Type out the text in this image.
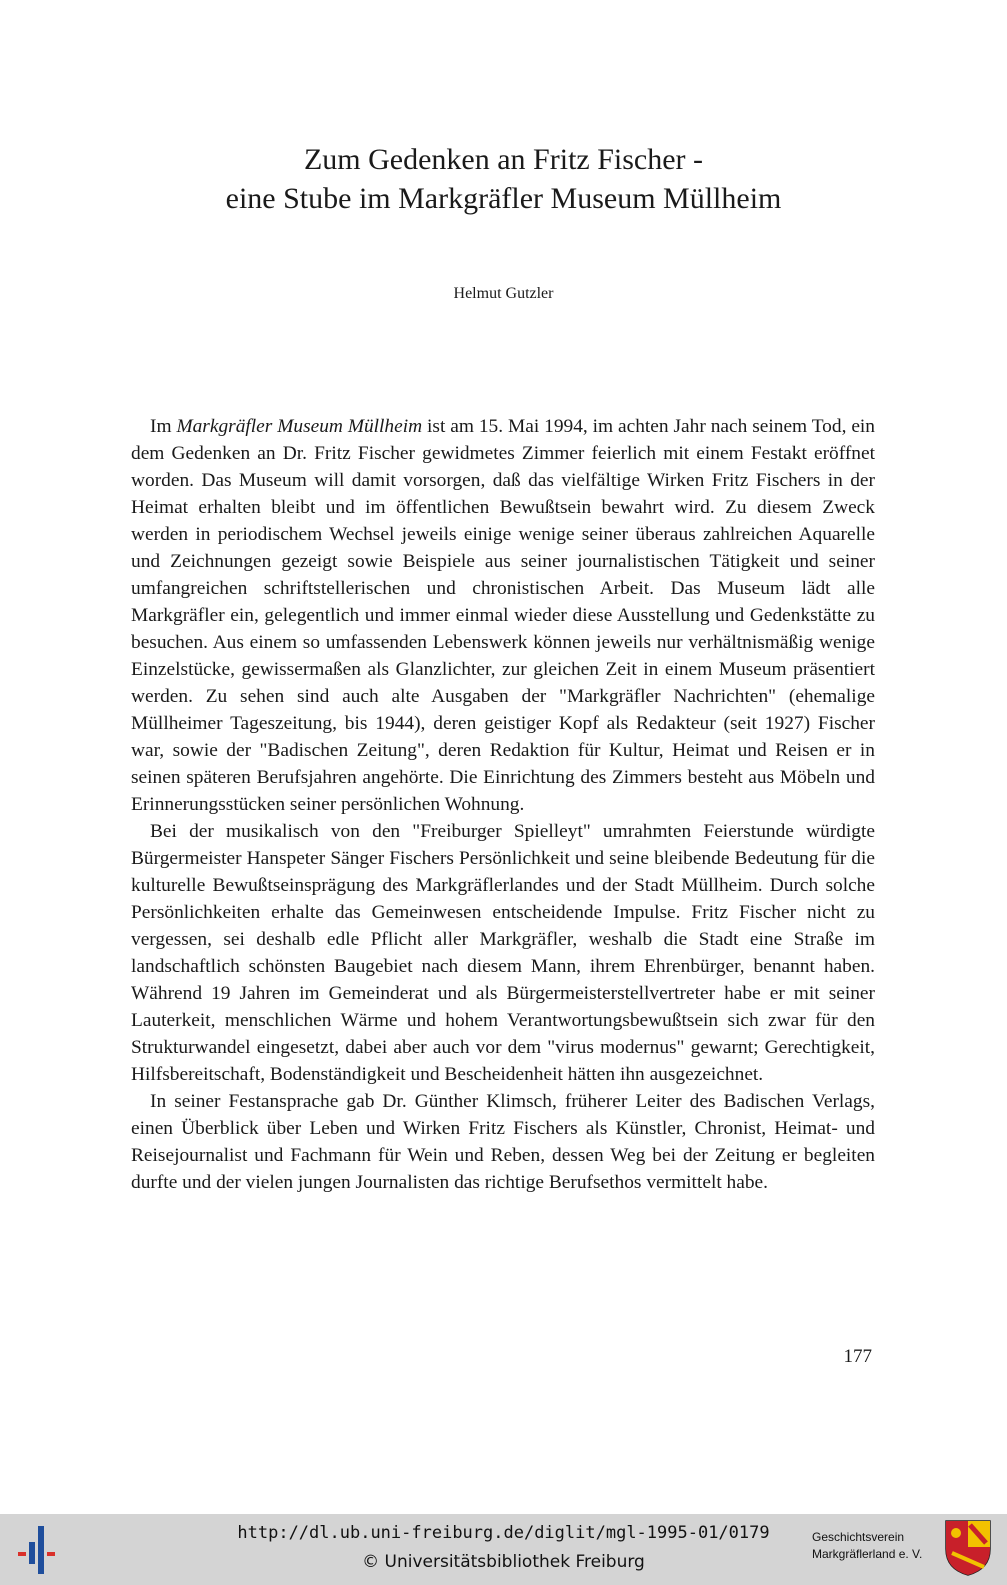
Zum Gedenken an Fritz Fischer -
eine Stube im Markgräfler Museum Müllheim
Helmut Gutzler

Im Markgräfler Museum Müllheim ist am 15. Mai 1994, im achten Jahr nach seinem Tod, ein dem Gedenken an Dr. Fritz Fischer gewidmetes Zimmer feierlich mit einem Festakt eröffnet worden. Das Museum will damit vorsorgen, daß das vielfältige Wirken Fritz Fischers in der Heimat erhalten bleibt und im öffentlichen Bewußtsein bewahrt wird. Zu diesem Zweck werden in periodischem Wechsel jeweils einige wenige seiner überaus zahlreichen Aquarelle und Zeichnungen gezeigt sowie Beispiele aus seiner journalistischen Tätigkeit und seiner umfangreichen schriftstellerischen und chronistischen Arbeit. Das Museum lädt alle Markgräfler ein, gelegentlich und immer einmal wieder diese Ausstellung und Gedenkstätte zu besuchen. Aus einem so umfassenden Lebenswerk können jeweils nur verhältnismäßig wenige Einzelstücke, gewissermaßen als Glanzlichter, zur gleichen Zeit in einem Museum präsentiert werden. Zu sehen sind auch alte Ausgaben der "Markgräfler Nachrichten" (ehemalige Müllheimer Tageszeitung, bis 1944), deren geistiger Kopf als Redakteur (seit 1927) Fischer war, sowie der "Badischen Zeitung", deren Redaktion für Kultur, Heimat und Reisen er in seinen späteren Berufsjahren angehörte. Die Einrichtung des Zimmers besteht aus Möbeln und Erinnerungsstücken seiner persönlichen Wohnung.

Bei der musikalisch von den "Freiburger Spielleyt" umrahmten Feierstunde würdigte Bürgermeister Hanspeter Sänger Fischers Persönlichkeit und seine bleibende Bedeutung für die kulturelle Bewußtseinsprägung des Markgräflerlandes und der Stadt Müllheim. Durch solche Persönlichkeiten erhalte das Gemeinwesen entscheidende Impulse. Fritz Fischer nicht zu vergessen, sei deshalb edle Pflicht aller Markgräfler, weshalb die Stadt eine Straße im landschaftlich schönsten Baugebiet nach diesem Mann, ihrem Ehrenbürger, benannt haben. Während 19 Jahren im Gemeinderat und als Bürgermeisterstellvertreter habe er mit seiner Lauterkeit, menschlichen Wärme und hohem Verantwortungsbewußtsein sich zwar für den Strukturwandel eingesetzt, dabei aber auch vor dem "virus modernus" gewarnt; Gerechtigkeit, Hilfsbereitschaft, Bodenständigkeit und Bescheidenheit hätten ihn ausgezeichnet.

In seiner Festansprache gab Dr. Günther Klimsch, früherer Leiter des Badischen Verlags, einen Überblick über Leben und Wirken Fritz Fischers als Künstler, Chronist, Heimat- und Reisejournalist und Fachmann für Wein und Reben, dessen Weg bei der Zeitung er begleiten durfte und der vielen jungen Journalisten das richtige Berufsethos vermittelt habe.

177
http://dl.ub.uni-freiburg.de/diglit/mgl-1995-01/0179
© Universitätsbibliothek Freiburg
Geschichtsverein
Markgräflerland e. V.
